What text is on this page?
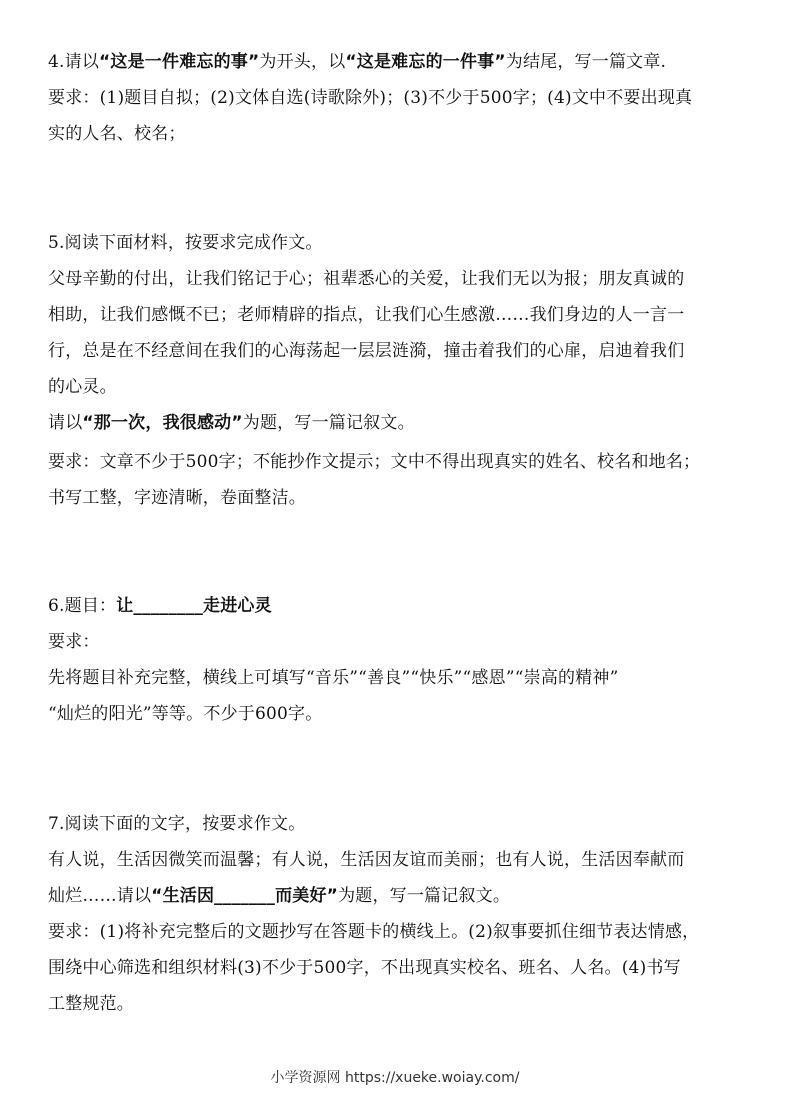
4.请以“这是一件难忘的事”为开头，以“这是难忘的一件事”为结尾，写一篇文章.
要求：(1)题目自拟；(2)文体自选(诗歌除外)；(3)不少于500字；(4)文中不要出现真
实的人名、校名；
5.阅读下面材料，按要求完成作文。
父母辛勤的付出，让我们铭记于心；祖辈悉心的关爱，让我们无以为报；朋友真诚的
相助，让我们感慨不已；老师精辟的指点，让我们心生感激……我们身边的人一言一
行，总是在不经意间在我们的心海荡起一层层涟漪，撞击着我们的心扉，启迪着我们
的心灵。
请以“那一次，我很感动”为题，写一篇记叙文。
要求：文章不少于500字；不能抄作文提示；文中不得出现真实的姓名、校名和地名；
书写工整，字迹清晰，卷面整洁。
6.题目：让________走进心灵
要求：
先将题目补充完整，横线上可填写“音乐”“善良”“快乐”“感恩”“崇高的精神”
“灿烂的阳光”等等。不少于600字。
7.阅读下面的文字，按要求作文。
有人说，生活因微笑而温馨；有人说，生活因友谊而美丽；也有人说，生活因奉献而
灿烂……请以“生活因_______而美好”为题，写一篇记叙文。
要求：(1)将补充完整后的文题抄写在答题卡的横线上。(2)叙事要抓住细节表达情感，
围绕中心筛选和组织材料(3)不少于500字，不出现真实校名、班名、人名。(4)书写
工整规范。
小学资源网 https://xueke.woiay.com/
